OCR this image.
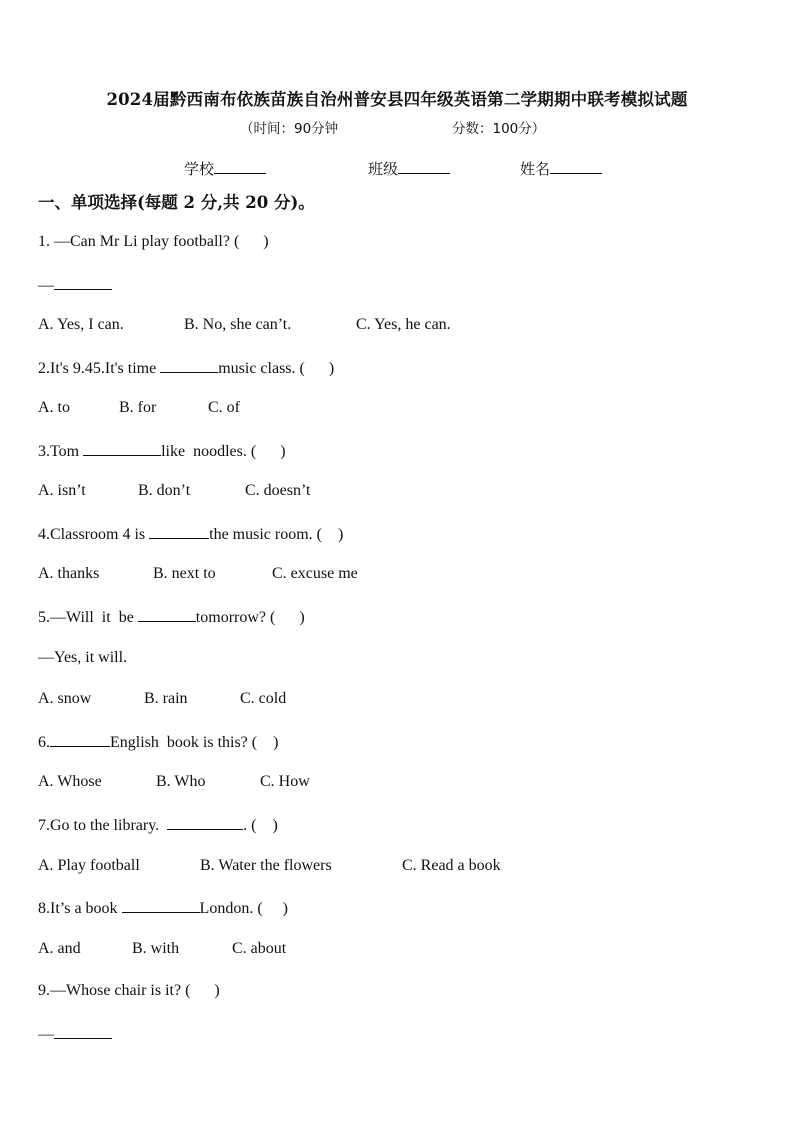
2024届黔西南布依族苗族自治州普安县四年级英语第二学期期中联考模拟试题
（时间：90分钟	分数：100分）
学校	班级	姓名
一、单项选择(每题 2 分,共 20 分)。
1. —Can Mr Li play football? (      )
—
A. Yes, I can.	B. No, she can’t.	C. Yes, he can.
2.It's 9.45.It's time	music class. (      )
A. to	B. for	C. of
3.Tom	like  noodles. (      )
A. isn’t	B. don’t	C. doesn’t
4.Classroom 4 is	the music room. (    )
A. thanks	B. next to	C. excuse me
5.—Will  it  be	tomorrow? (      )
—Yes, it will.
A. snow	B. rain	C. cold
6.	English  book is this? (    )
A. Whose	B. Who	C. How
7.Go to the library.	. (    )
A. Play football	B. Water the flowers	C. Read a book
8.It’s a book	London. (     )
A. and	B. with	C. about
9.—Whose chair is it? (      )
—
